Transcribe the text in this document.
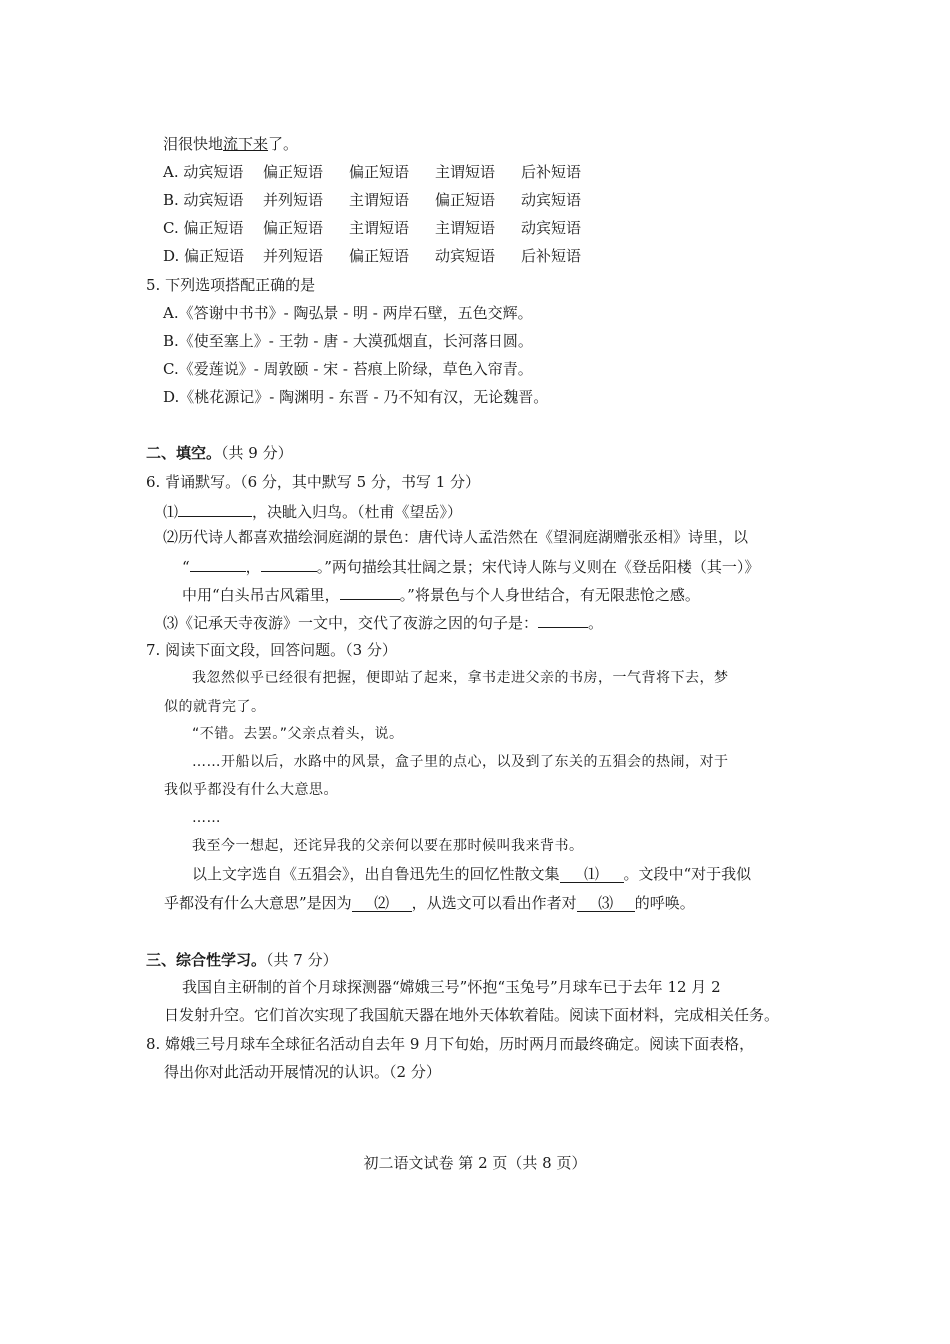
泪很快地流下来了。
A. 动宾短语 偏正短语 偏正短语 主谓短语 后补短语
B. 动宾短语 并列短语 主谓短语 偏正短语 动宾短语
C. 偏正短语 偏正短语 主谓短语 主谓短语 动宾短语
D. 偏正短语 并列短语 偏正短语 动宾短语 后补短语
5. 下列选项搭配正确的是
A.《答谢中书书》- 陶弘景 - 明 - 两岸石壁，五色交辉。
B.《使至塞上》- 王勃 - 唐 - 大漠孤烟直，长河落日圆。
C.《爱莲说》- 周敦颐 - 宋 - 苔痕上阶绿，草色入帘青。
D.《桃花源记》- 陶渊明 - 东晋 - 乃不知有汉，无论魏晋。
二、填空。（共 9 分）
6. 背诵默写。（6 分，其中默写 5 分，书写 1 分）
⑴	，决眦入归鸟。（杜甫《望岳》）
⑵历代诗人都喜欢描绘洞庭湖的景色：唐代诗人孟浩然在《望洞庭湖赠张丞相》诗里，以
“	，	。”两句描绘其壮阔之景；宋代诗人陈与义则在《登岳阳楼（其一）》
中用“白头吊古风霜里，	。”将景色与个人身世结合，有无限悲怆之感。
⑶《记承天寺夜游》一文中，交代了夜游之因的句子是：	。
7. 阅读下面文段，回答问题。（3 分）
我忽然似乎已经很有把握，便即站了起来，拿书走进父亲的书房，一气背将下去，梦
似的就背完了。
“不错。去罢。”父亲点着头，说。
……开船以后，水路中的风景，盒子里的点心，以及到了东关的五猖会的热闹，对于
我似乎都没有什么大意思。
……
我至今一想起，还诧异我的父亲何以要在那时候叫我来背书。
以上文字选自《五猖会》，出自鲁迅先生的回忆性散文集 ⑴ 。文段中“对于我似
乎都没有什么大意思”是因为 ⑵ ，从选文可以看出作者对 ⑶ 的呼唤。
三、综合性学习。（共 7 分）
我国自主研制的首个月球探测器“嫦娥三号”怀抱“玉兔号”月球车已于去年 12 月 2
日发射升空。它们首次实现了我国航天器在地外天体软着陆。阅读下面材料，完成相关任务。
8. 嫦娥三号月球车全球征名活动自去年 9 月下旬始，历时两月而最终确定。阅读下面表格，
得出你对此活动开展情况的认识。（2 分）
初二语文试卷 第 2 页（共 8 页）
